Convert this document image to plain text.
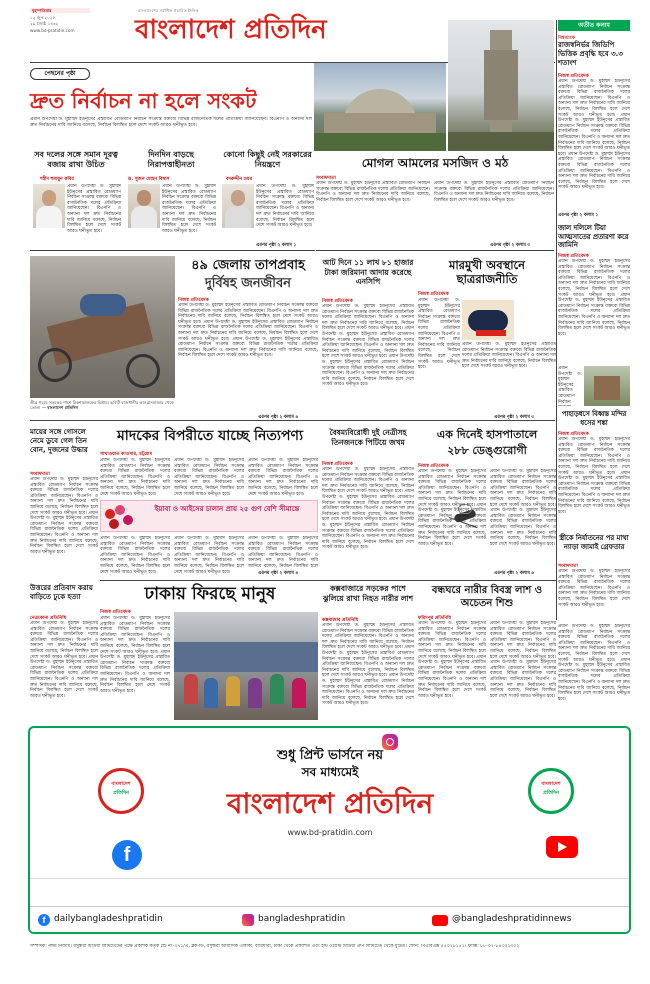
বৃহস্পতিবার
১২ জুন ২০২৫
২৯ জ্যৈষ্ঠ ১৪৩২
www.bd-pratidin.com
বাংলাদেশের সর্বাধিক প্রচারিত দৈনিক
বাংলাদেশ প্রতিদিন
পেছনের পৃষ্ঠা
দ্রুত নির্বাচন না হলে সংকট
প্রধান উপদেষ্টা ড. মুহাম্মদ ইউনূসের প্রস্তাবিত রোডম্যাপ নির্বাচন সংক্রান্ত বক্তব্যে বিভিন্ন রাজনৈতিক দলের প্রতিক্রিয়া জানিয়েছেন। বিএনপি ও অন্যান্য দল দ্রুত নির্বাচনের দাবি জানিয়ে বলেছে, নির্বাচন বিলম্বিত হলে দেশে সংকট আরও ঘনীভূত হবে।
সব দলের সঙ্গে সমান দূরত্ব বজায় রাখা উচিত
দিনদিন বাড়ছে নিরাপত্তাহীনতা
কোনো কিছুই নেই সরকারের নিয়ন্ত্রণে
শহীদ হুমায়ুন কবির	ড. সুজন মোহন বিশ্বাস	বদরুদ্দীন ওমর
প্রধান উপদেষ্টা ড. মুহাম্মদ ইউনূসের প্রস্তাবিত রোডম্যাপ নির্বাচন সংক্রান্ত বক্তব্যে বিভিন্ন রাজনৈতিক দলের প্রতিক্রিয়া জানিয়েছেন। বিএনপি ও অন্যান্য দল দ্রুত নির্বাচনের দাবি জানিয়ে বলেছে, নির্বাচন বিলম্বিত হলে দেশে সংকট আরও ঘনীভূত হবে।
প্রধান উপদেষ্টা ড. মুহাম্মদ ইউনূসের প্রস্তাবিত রোডম্যাপ নির্বাচন সংক্রান্ত বক্তব্যে বিভিন্ন রাজনৈতিক দলের প্রতিক্রিয়া জানিয়েছেন। বিএনপি ও অন্যান্য দল দ্রুত নির্বাচনের দাবি জানিয়ে বলেছে, নির্বাচন বিলম্বিত হলে দেশে সংকট আরও ঘনীভূত হবে।
প্রধান উপদেষ্টা ড. মুহাম্মদ ইউনূসের প্রস্তাবিত রোডম্যাপ নির্বাচন সংক্রান্ত বক্তব্যে বিভিন্ন রাজনৈতিক দলের প্রতিক্রিয়া জানিয়েছেন। বিএনপি ও অন্যান্য দল দ্রুত নির্বাচনের দাবি জানিয়ে বলেছে, নির্বাচন বিলম্বিত হলে দেশে সংকট আরও ঘনীভূত হবে।
এরপর পৃষ্ঠা ২ কলাম ১
মোগল আমলের মসজিদ ও মঠ
সংবাদদাতা
প্রধান উপদেষ্টা ড. মুহাম্মদ ইউনূসের প্রস্তাবিত রোডম্যাপ নির্বাচন সংক্রান্ত বক্তব্যে বিভিন্ন রাজনৈতিক দলের প্রতিক্রিয়া জানিয়েছেন। বিএনপি ও অন্যান্য দল দ্রুত নির্বাচনের দাবি জানিয়ে বলেছে, নির্বাচন বিলম্বিত হলে দেশে সংকট আরও ঘনীভূত হবে।
প্রধান উপদেষ্টা ড. মুহাম্মদ ইউনূসের প্রস্তাবিত রোডম্যাপ নির্বাচন সংক্রান্ত বক্তব্যে বিভিন্ন রাজনৈতিক দলের প্রতিক্রিয়া জানিয়েছেন। বিএনপি ও অন্যান্য দল দ্রুত নির্বাচনের দাবি জানিয়ে বলেছে, নির্বাচন বিলম্বিত হলে দেশে সংকট আরও ঘনীভূত হবে।
এরপর পৃষ্ঠা ২ কলাম ৩
তীব্র গরমে সড়কের পাশে রিকশাচালকের বিশ্রাম। ছবিটি রাজধানীর কাওরানবাজার থেকে তোলা — বাংলাদেশ প্রতিদিন
৪৯ জেলায় তাপপ্রবাহ
দুর্বিষহ জনজীবন
নিজস্ব প্রতিবেদক
প্রধান উপদেষ্টা ড. মুহাম্মদ ইউনূসের প্রস্তাবিত রোডম্যাপ নির্বাচন সংক্রান্ত বক্তব্যে বিভিন্ন রাজনৈতিক দলের প্রতিক্রিয়া জানিয়েছেন। বিএনপি ও অন্যান্য দল দ্রুত নির্বাচনের দাবি জানিয়ে বলেছে, নির্বাচন বিলম্বিত হলে দেশে সংকট আরও ঘনীভূত হবে। প্রধান উপদেষ্টা ড. মুহাম্মদ ইউনূসের প্রস্তাবিত রোডম্যাপ নির্বাচন সংক্রান্ত বক্তব্যে বিভিন্ন রাজনৈতিক দলের প্রতিক্রিয়া জানিয়েছেন। বিএনপি ও অন্যান্য দল দ্রুত নির্বাচনের দাবি জানিয়ে বলেছে, নির্বাচন বিলম্বিত হলে দেশে সংকট আরও ঘনীভূত হবে। প্রধান উপদেষ্টা ড. মুহাম্মদ ইউনূসের প্রস্তাবিত রোডম্যাপ নির্বাচন সংক্রান্ত বক্তব্যে বিভিন্ন রাজনৈতিক দলের প্রতিক্রিয়া জানিয়েছেন। বিএনপি ও অন্যান্য দল দ্রুত নির্বাচনের দাবি জানিয়ে বলেছে, নির্বাচন বিলম্বিত হলে দেশে সংকট আরও ঘনীভূত হবে।
এরপর পৃষ্ঠা ২ কলাম ৪
আট দিনে ১১ লাখ ৮১ হাজার টাকা জরিমানা আদায় করেছে এনসিপি
নিজস্ব প্রতিবেদক
প্রধান উপদেষ্টা ড. মুহাম্মদ ইউনূসের প্রস্তাবিত রোডম্যাপ নির্বাচন সংক্রান্ত বক্তব্যে বিভিন্ন রাজনৈতিক দলের প্রতিক্রিয়া জানিয়েছেন। বিএনপি ও অন্যান্য দল দ্রুত নির্বাচনের দাবি জানিয়ে বলেছে, নির্বাচন বিলম্বিত হলে দেশে সংকট আরও ঘনীভূত হবে। প্রধান উপদেষ্টা ড. মুহাম্মদ ইউনূসের প্রস্তাবিত রোডম্যাপ নির্বাচন সংক্রান্ত বক্তব্যে বিভিন্ন রাজনৈতিক দলের প্রতিক্রিয়া জানিয়েছেন। বিএনপি ও অন্যান্য দল দ্রুত নির্বাচনের দাবি জানিয়ে বলেছে, নির্বাচন বিলম্বিত হলে দেশে সংকট আরও ঘনীভূত হবে। প্রধান উপদেষ্টা ড. মুহাম্মদ ইউনূসের প্রস্তাবিত রোডম্যাপ নির্বাচন সংক্রান্ত বক্তব্যে বিভিন্ন রাজনৈতিক দলের প্রতিক্রিয়া জানিয়েছেন। বিএনপি ও অন্যান্য দল দ্রুত নির্বাচনের দাবি জানিয়ে বলেছে, নির্বাচন বিলম্বিত হলে দেশে সংকট আরও ঘনীভূত হবে।
মারমুখী অবস্থানে ছাত্ররাজনীতি
নিজস্ব প্রতিবেদক
প্রধান উপদেষ্টা ড. মুহাম্মদ ইউনূসের প্রস্তাবিত রোডম্যাপ নির্বাচন সংক্রান্ত বক্তব্যে বিভিন্ন রাজনৈতিক দলের প্রতিক্রিয়া জানিয়েছেন। বিএনপি ও অন্যান্য দল দ্রুত নির্বাচনের দাবি জানিয়ে বলেছে, নির্বাচন বিলম্বিত হলে দেশে সংকট আরও ঘনীভূত হবে।
প্রধান উপদেষ্টা ড. মুহাম্মদ ইউনূসের প্রস্তাবিত রোডম্যাপ নির্বাচন সংক্রান্ত বক্তব্যে বিভিন্ন রাজনৈতিক দলের প্রতিক্রিয়া জানিয়েছেন। বিএনপি ও অন্যান্য দল দ্রুত নির্বাচনের দাবি জানিয়ে বলেছে, নির্বাচন বিলম্বিত হলে দেশে সংকট আরও ঘনীভূত হবে।
এরপর পৃষ্ঠা ২ কলাম ৩
অতীত কলাম
বিশ্বব্যাংক
রাজস্বনির্ভর জিডিপি ভিত্তিক প্রবৃদ্ধি হবে ৩.৩ শতাংশ
নিজস্ব প্রতিবেদক
প্রধান উপদেষ্টা ড. মুহাম্মদ ইউনূসের প্রস্তাবিত রোডম্যাপ নির্বাচন সংক্রান্ত বক্তব্যে বিভিন্ন রাজনৈতিক দলের প্রতিক্রিয়া জানিয়েছেন। বিএনপি ও অন্যান্য দল দ্রুত নির্বাচনের দাবি জানিয়ে বলেছে, নির্বাচন বিলম্বিত হলে দেশে সংকট আরও ঘনীভূত হবে। প্রধান উপদেষ্টা ড. মুহাম্মদ ইউনূসের প্রস্তাবিত রোডম্যাপ নির্বাচন সংক্রান্ত বক্তব্যে বিভিন্ন রাজনৈতিক দলের প্রতিক্রিয়া জানিয়েছেন। বিএনপি ও অন্যান্য দল দ্রুত নির্বাচনের দাবি জানিয়ে বলেছে, নির্বাচন বিলম্বিত হলে দেশে সংকট আরও ঘনীভূত হবে। প্রধান উপদেষ্টা ড. মুহাম্মদ ইউনূসের প্রস্তাবিত রোডম্যাপ নির্বাচন সংক্রান্ত বক্তব্যে বিভিন্ন রাজনৈতিক দলের প্রতিক্রিয়া জানিয়েছেন। বিএনপি ও অন্যান্য দল দ্রুত নির্বাচনের দাবি জানিয়ে বলেছে, নির্বাচন বিলম্বিত হলে দেশে সংকট আরও ঘনীভূত হবে।
এরপর পৃষ্ঠা ২ কলাম ১
জাল দলিলে টিয়া আত্মসাতের প্রতারণা করে জামিনি
নিজস্ব প্রতিবেদক
প্রধান উপদেষ্টা ড. মুহাম্মদ ইউনূসের প্রস্তাবিত রোডম্যাপ নির্বাচন সংক্রান্ত বক্তব্যে বিভিন্ন রাজনৈতিক দলের প্রতিক্রিয়া জানিয়েছেন। বিএনপি ও অন্যান্য দল দ্রুত নির্বাচনের দাবি জানিয়ে বলেছে, নির্বাচন বিলম্বিত হলে দেশে সংকট আরও ঘনীভূত হবে। প্রধান উপদেষ্টা ড. মুহাম্মদ ইউনূসের প্রস্তাবিত রোডম্যাপ নির্বাচন সংক্রান্ত বক্তব্যে বিভিন্ন রাজনৈতিক দলের প্রতিক্রিয়া জানিয়েছেন। বিএনপি ও অন্যান্য দল দ্রুত নির্বাচনের দাবি জানিয়ে বলেছে, নির্বাচন বিলম্বিত হলে দেশে সংকট আরও ঘনীভূত হবে।
প্রধান উপদেষ্টা ড. মুহাম্মদ ইউনূসের প্রস্তাবিত রোডম্যাপ নির্বাচন
পাহাড়ধসে বিধ্বস্ত মন্দির ধসের শঙ্কা
নিজস্ব প্রতিবেদক
প্রধান উপদেষ্টা ড. মুহাম্মদ ইউনূসের প্রস্তাবিত রোডম্যাপ নির্বাচন সংক্রান্ত বক্তব্যে বিভিন্ন রাজনৈতিক দলের প্রতিক্রিয়া জানিয়েছেন। বিএনপি ও অন্যান্য দল দ্রুত নির্বাচনের দাবি জানিয়ে বলেছে, নির্বাচন বিলম্বিত হলে দেশে সংকট আরও ঘনীভূত হবে। প্রধান উপদেষ্টা ড. মুহাম্মদ ইউনূসের প্রস্তাবিত রোডম্যাপ নির্বাচন সংক্রান্ত বক্তব্যে বিভিন্ন রাজনৈতিক দলের প্রতিক্রিয়া জানিয়েছেন। বিএনপি ও অন্যান্য দল দ্রুত নির্বাচনের দাবি জানিয়ে বলেছে, নির্বাচন বিলম্বিত হলে দেশে সংকট আরও ঘনীভূত হবে।
স্ত্রীকে নির্যাতনের পর মাথা ন্যাড়া জামাই গ্রেফতার
সংবাদদাতা
প্রধান উপদেষ্টা ড. মুহাম্মদ ইউনূসের প্রস্তাবিত রোডম্যাপ নির্বাচন সংক্রান্ত বক্তব্যে বিভিন্ন রাজনৈতিক দলের প্রতিক্রিয়া জানিয়েছেন। বিএনপি ও অন্যান্য দল দ্রুত নির্বাচনের দাবি জানিয়ে বলেছে, নির্বাচন বিলম্বিত হলে দেশে সংকট আরও ঘনীভূত হবে।
মায়ের সঙ্গে গোসলে নেমে ডুবে গেল তিন বোন, দুজনের উদ্ধার
সংবাদদাতা
প্রধান উপদেষ্টা ড. মুহাম্মদ ইউনূসের প্রস্তাবিত রোডম্যাপ নির্বাচন সংক্রান্ত বক্তব্যে বিভিন্ন রাজনৈতিক দলের প্রতিক্রিয়া জানিয়েছেন। বিএনপি ও অন্যান্য দল দ্রুত নির্বাচনের দাবি জানিয়ে বলেছে, নির্বাচন বিলম্বিত হলে দেশে সংকট আরও ঘনীভূত হবে। প্রধান উপদেষ্টা ড. মুহাম্মদ ইউনূসের প্রস্তাবিত রোডম্যাপ নির্বাচন সংক্রান্ত বক্তব্যে বিভিন্ন রাজনৈতিক দলের প্রতিক্রিয়া জানিয়েছেন। বিএনপি ও অন্যান্য দল দ্রুত নির্বাচনের দাবি জানিয়ে বলেছে, নির্বাচন বিলম্বিত হলে দেশে সংকট আরও ঘনীভূত হবে।
মাদকের বিপরীতে যাচ্ছে নিত্যপণ্য
সাখাওয়াত কাওসার, চট্টগ্রাম
প্রধান উপদেষ্টা ড. মুহাম্মদ ইউনূসের প্রস্তাবিত রোডম্যাপ নির্বাচন সংক্রান্ত বক্তব্যে বিভিন্ন রাজনৈতিক দলের প্রতিক্রিয়া জানিয়েছেন। বিএনপি ও অন্যান্য দল দ্রুত নির্বাচনের দাবি জানিয়ে বলেছে, নির্বাচন বিলম্বিত হলে দেশে সংকট আরও ঘনীভূত হবে।
প্রধান উপদেষ্টা ড. মুহাম্মদ ইউনূসের প্রস্তাবিত রোডম্যাপ নির্বাচন সংক্রান্ত বক্তব্যে বিভিন্ন রাজনৈতিক দলের প্রতিক্রিয়া জানিয়েছেন। বিএনপি ও অন্যান্য দল দ্রুত নির্বাচনের দাবি জানিয়ে বলেছে, নির্বাচন বিলম্বিত হলে দেশে সংকট আরও ঘনীভূত হবে।
প্রধান উপদেষ্টা ড. মুহাম্মদ ইউনূসের প্রস্তাবিত রোডম্যাপ নির্বাচন সংক্রান্ত বক্তব্যে বিভিন্ন রাজনৈতিক দলের প্রতিক্রিয়া জানিয়েছেন। বিএনপি ও অন্যান্য দল দ্রুত নির্বাচনের দাবি জানিয়ে বলেছে, নির্বাচন বিলম্বিত হলে দেশে সংকট আরও ঘনীভূত হবে।
ইয়াবা ও আইসের চালান প্রায় ২৫ গুণ বেশি সীমান্তে
প্রধান উপদেষ্টা ড. মুহাম্মদ ইউনূসের প্রস্তাবিত রোডম্যাপ নির্বাচন সংক্রান্ত বক্তব্যে বিভিন্ন রাজনৈতিক দলের প্রতিক্রিয়া জানিয়েছেন। বিএনপি ও অন্যান্য দল দ্রুত নির্বাচনের দাবি জানিয়ে বলেছে, নির্বাচন বিলম্বিত হলে দেশে সংকট আরও ঘনীভূত হবে।
প্রধান উপদেষ্টা ড. মুহাম্মদ ইউনূসের প্রস্তাবিত রোডম্যাপ নির্বাচন সংক্রান্ত বক্তব্যে বিভিন্ন রাজনৈতিক দলের প্রতিক্রিয়া জানিয়েছেন। বিএনপি ও অন্যান্য দল দ্রুত নির্বাচনের দাবি জানিয়ে বলেছে, নির্বাচন বিলম্বিত হলে দেশে সংকট আরও ঘনীভূত হবে।
প্রধান উপদেষ্টা ড. মুহাম্মদ ইউনূসের প্রস্তাবিত রোডম্যাপ নির্বাচন সংক্রান্ত বক্তব্যে বিভিন্ন রাজনৈতিক দলের প্রতিক্রিয়া জানিয়েছেন। বিএনপি ও অন্যান্য দল দ্রুত নির্বাচনের দাবি জানিয়ে বলেছে, নির্বাচন বিলম্বিত হলে
এরপর পৃষ্ঠা ২ কলাম ৪
বৈষম্যবিরোধী দুই নেত্রীসহ তিনজনকে পিটিয়ে জখম
নিজস্ব প্রতিবেদক
প্রধান উপদেষ্টা ড. মুহাম্মদ ইউনূসের প্রস্তাবিত রোডম্যাপ নির্বাচন সংক্রান্ত বক্তব্যে বিভিন্ন রাজনৈতিক দলের প্রতিক্রিয়া জানিয়েছেন। বিএনপি ও অন্যান্য দল দ্রুত নির্বাচনের দাবি জানিয়ে বলেছে, নির্বাচন বিলম্বিত হলে দেশে সংকট আরও ঘনীভূত হবে। প্রধান উপদেষ্টা ড. মুহাম্মদ ইউনূসের প্রস্তাবিত রোডম্যাপ নির্বাচন সংক্রান্ত বক্তব্যে বিভিন্ন রাজনৈতিক দলের প্রতিক্রিয়া জানিয়েছেন। বিএনপি ও অন্যান্য দল দ্রুত নির্বাচনের দাবি জানিয়ে বলেছে, নির্বাচন বিলম্বিত হলে দেশে সংকট আরও ঘনীভূত হবে। প্রধান উপদেষ্টা ড. মুহাম্মদ ইউনূসের প্রস্তাবিত রোডম্যাপ নির্বাচন সংক্রান্ত বক্তব্যে বিভিন্ন রাজনৈতিক দলের প্রতিক্রিয়া জানিয়েছেন। বিএনপি ও অন্যান্য দল দ্রুত নির্বাচনের দাবি জানিয়ে বলেছে, নির্বাচন বিলম্বিত হলে দেশে সংকট আরও ঘনীভূত হবে।
এক দিনেই হাসপাতালে
২৮৮ ডেঙ্গুরোগী
নিজস্ব প্রতিবেদক
প্রধান উপদেষ্টা ড. মুহাম্মদ ইউনূসের প্রস্তাবিত রোডম্যাপ নির্বাচন সংক্রান্ত বক্তব্যে বিভিন্ন রাজনৈতিক দলের প্রতিক্রিয়া জানিয়েছেন। বিএনপি ও অন্যান্য দল দ্রুত নির্বাচনের দাবি জানিয়ে বলেছে, নির্বাচন বিলম্বিত হলে দেশে সংকট আরও ঘনীভূত হবে। প্রধান উপদেষ্টা ড. মুহাম্মদ ইউনূসের প্রস্তাবিত রোডম্যাপ নির্বাচন সংক্রান্ত বক্তব্যে বিভিন্ন রাজনৈতিক দলের প্রতিক্রিয়া জানিয়েছেন। বিএনপি ও অন্যান্য দল দ্রুত নির্বাচনের দাবি জানিয়ে বলেছে, নির্বাচন বিলম্বিত হলে দেশে সংকট আরও ঘনীভূত হবে।
প্রধান উপদেষ্টা ড. মুহাম্মদ ইউনূসের প্রস্তাবিত রোডম্যাপ নির্বাচন সংক্রান্ত বক্তব্যে বিভিন্ন রাজনৈতিক দলের প্রতিক্রিয়া জানিয়েছেন। বিএনপি ও অন্যান্য দল দ্রুত নির্বাচনের দাবি জানিয়ে বলেছে, নির্বাচন বিলম্বিত হলে দেশে সংকট আরও ঘনীভূত হবে। প্রধান উপদেষ্টা ড. মুহাম্মদ ইউনূসের প্রস্তাবিত রোডম্যাপ নির্বাচন সংক্রান্ত বক্তব্যে বিভিন্ন রাজনৈতিক দলের প্রতিক্রিয়া জানিয়েছেন। বিএনপি ও অন্যান্য দল দ্রুত নির্বাচনের দাবি জানিয়ে বলেছে, নির্বাচন বিলম্বিত হলে দেশে সংকট আরও ঘনীভূত হবে।
এরপর পৃষ্ঠা ২ কলাম ৬
উত্তরের প্রতিবাদ করায় বাড়িতে ঢুকে হত্যা
নেত্রকোনা প্রতিনিধি
প্রধান উপদেষ্টা ড. মুহাম্মদ ইউনূসের প্রস্তাবিত রোডম্যাপ নির্বাচন সংক্রান্ত বক্তব্যে বিভিন্ন রাজনৈতিক দলের প্রতিক্রিয়া জানিয়েছেন। বিএনপি ও অন্যান্য দল দ্রুত নির্বাচনের দাবি জানিয়ে বলেছে, নির্বাচন বিলম্বিত হলে দেশে সংকট আরও ঘনীভূত হবে। প্রধান উপদেষ্টা ড. মুহাম্মদ ইউনূসের প্রস্তাবিত রোডম্যাপ নির্বাচন সংক্রান্ত বক্তব্যে বিভিন্ন রাজনৈতিক দলের প্রতিক্রিয়া জানিয়েছেন। বিএনপি ও অন্যান্য দল দ্রুত নির্বাচনের দাবি জানিয়ে বলেছে, নির্বাচন বিলম্বিত হলে দেশে সংকট আরও ঘনীভূত হবে।
ঢাকায় ফিরছে মানুষ
নিজস্ব প্রতিবেদক
প্রধান উপদেষ্টা ড. মুহাম্মদ ইউনূসের প্রস্তাবিত রোডম্যাপ নির্বাচন সংক্রান্ত বক্তব্যে বিভিন্ন রাজনৈতিক দলের প্রতিক্রিয়া জানিয়েছেন। বিএনপি ও অন্যান্য দল দ্রুত নির্বাচনের দাবি জানিয়ে বলেছে, নির্বাচন বিলম্বিত হলে দেশে সংকট আরও ঘনীভূত হবে। প্রধান উপদেষ্টা ড. মুহাম্মদ ইউনূসের প্রস্তাবিত রোডম্যাপ নির্বাচন সংক্রান্ত বক্তব্যে বিভিন্ন রাজনৈতিক দলের প্রতিক্রিয়া জানিয়েছেন। বিএনপি ও অন্যান্য দল দ্রুত নির্বাচনের দাবি জানিয়ে বলেছে, নির্বাচন বিলম্বিত হলে দেশে সংকট আরও ঘনীভূত হবে।
কক্সবাজারে সড়কের পাশে ঝুলিয়ে রাখা নিহত নারীর লাশ
কক্সবাজার প্রতিনিধি
প্রধান উপদেষ্টা ড. মুহাম্মদ ইউনূসের প্রস্তাবিত রোডম্যাপ নির্বাচন সংক্রান্ত বক্তব্যে বিভিন্ন রাজনৈতিক দলের প্রতিক্রিয়া জানিয়েছেন। বিএনপি ও অন্যান্য দল দ্রুত নির্বাচনের দাবি জানিয়ে বলেছে, নির্বাচন বিলম্বিত হলে দেশে সংকট আরও ঘনীভূত হবে। প্রধান উপদেষ্টা ড. মুহাম্মদ ইউনূসের প্রস্তাবিত রোডম্যাপ নির্বাচন সংক্রান্ত বক্তব্যে বিভিন্ন রাজনৈতিক দলের প্রতিক্রিয়া জানিয়েছেন। বিএনপি ও অন্যান্য দল দ্রুত নির্বাচনের দাবি জানিয়ে বলেছে, নির্বাচন বিলম্বিত হলে দেশে সংকট আরও ঘনীভূত হবে। প্রধান উপদেষ্টা ড. মুহাম্মদ ইউনূসের প্রস্তাবিত রোডম্যাপ নির্বাচন সংক্রান্ত বক্তব্যে বিভিন্ন রাজনৈতিক দলের প্রতিক্রিয়া জানিয়েছেন। বিএনপি ও অন্যান্য দল দ্রুত নির্বাচনের দাবি জানিয়ে বলেছে, নির্বাচন বিলম্বিত হলে দেশে সংকট আরও ঘনীভূত হবে।
বন্ধঘরে নারীর বিবস্ত্র লাশ ও অচেতন শিশু
ফরিদপুর প্রতিনিধি
প্রধান উপদেষ্টা ড. মুহাম্মদ ইউনূসের প্রস্তাবিত রোডম্যাপ নির্বাচন সংক্রান্ত বক্তব্যে বিভিন্ন রাজনৈতিক দলের প্রতিক্রিয়া জানিয়েছেন। বিএনপি ও অন্যান্য দল দ্রুত নির্বাচনের দাবি জানিয়ে বলেছে, নির্বাচন বিলম্বিত হলে দেশে সংকট আরও ঘনীভূত হবে। প্রধান উপদেষ্টা ড. মুহাম্মদ ইউনূসের প্রস্তাবিত রোডম্যাপ নির্বাচন সংক্রান্ত বক্তব্যে বিভিন্ন রাজনৈতিক দলের প্রতিক্রিয়া জানিয়েছেন। বিএনপি ও অন্যান্য দল দ্রুত নির্বাচনের দাবি জানিয়ে বলেছে, নির্বাচন বিলম্বিত হলে দেশে সংকট আরও ঘনীভূত হবে।
প্রধান উপদেষ্টা ড. মুহাম্মদ ইউনূসের প্রস্তাবিত রোডম্যাপ নির্বাচন সংক্রান্ত বক্তব্যে বিভিন্ন রাজনৈতিক দলের প্রতিক্রিয়া জানিয়েছেন। বিএনপি ও অন্যান্য দল দ্রুত নির্বাচনের দাবি জানিয়ে বলেছে, নির্বাচন বিলম্বিত হলে দেশে সংকট আরও ঘনীভূত হবে। প্রধান উপদেষ্টা ড. মুহাম্মদ ইউনূসের প্রস্তাবিত রোডম্যাপ নির্বাচন সংক্রান্ত বক্তব্যে বিভিন্ন রাজনৈতিক দলের প্রতিক্রিয়া জানিয়েছেন। বিএনপি ও অন্যান্য দল দ্রুত নির্বাচনের দাবি জানিয়ে বলেছে, নির্বাচন বিলম্বিত হলে দেশে সংকট আরও ঘনীভূত হবে।
প্রধান উপদেষ্টা ড. মুহাম্মদ ইউনূসের প্রস্তাবিত রোডম্যাপ নির্বাচন সংক্রান্ত বক্তব্যে বিভিন্ন রাজনৈতিক দলের প্রতিক্রিয়া জানিয়েছেন। বিএনপি ও অন্যান্য দল দ্রুত নির্বাচনের দাবি জানিয়ে বলেছে, নির্বাচন বিলম্বিত হলে দেশে সংকট আরও ঘনীভূত হবে। প্রধান উপদেষ্টা ড. মুহাম্মদ ইউনূসের প্রস্তাবিত রোডম্যাপ নির্বাচন সংক্রান্ত বক্তব্যে বিভিন্ন রাজনৈতিক দলের প্রতিক্রিয়া জানিয়েছেন। বিএনপি ও অন্যান্য দল দ্রুত নির্বাচনের দাবি জানিয়ে বলেছে, নির্বাচন বিলম্বিত হলে দেশে সংকট আরও ঘনীভূত হবে।
শুধু প্রিন্ট ভার্সনে নয়
সব মাধ্যমেই
বাংলাদেশ প্রতিদিন
www.bd-pratidin.com
বাংলাদেশ
প্রতিদিন
বাংলাদেশ
প্রতিদিন
f
f dailybangladeshpratidin	bangladeshpratidin	@bangladeshpratidinnews
সম্পাদক: নঈম নিজাম। বসুন্ধরা মিডিয়া লিমিটেডের পক্ষে প্রকাশক কর্তৃক প্লট নং-৩৭১/এ, ব্লক-ডি, বসুন্ধরা আবাসিক এলাকা, বারিধারা, ঢাকা থেকে প্রকাশিত এবং ইস্ট ওয়েস্ট মিডিয়া গ্রুপ লিমিটেড থেকে মুদ্রিত। ফোন: পিএবিএক্স ৫৫০২৮১৪২। ফ্যাক্স: ৮৮-০২-৮৪৩০২৩০২
